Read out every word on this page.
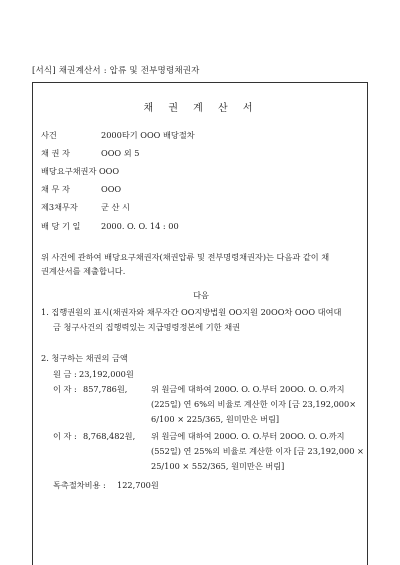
[서식] 채권계산서 : 압류 및 전부명령채권자
채 권 계 산 서
사건	2000타기 OOO 배당절차
채 권 자	OOO 외 5
배당요구채권자 OOO
채 무 자	OOO
제3채무자	군 산 시
배 당 기 일	2000. O. O. 14 : 00
위 사건에 관하여 배당요구채권자(채권압류 및 전부명령채권자)는 다음과 같이 채
권계산서를 제출합니다.
다음
1. 집행권원의 표시(채권자와 채무자간 OO지방법원 OO지원 20OO차 OOO 대여대
금 청구사건의 집행력있는 지급명령정본에 기한 채권
2. 청구하는 채권의 금액
원 금 : 23,192,000원
이 자 : 857,786원,	위 원금에 대하여 200O. O. O.부터 20OO. O. O.까지
(225일) 연 6%의 비율로 계산한 이자 [금 23,192,000×
6/100 × 225/365, 원미만은 버림]
이 자 : 8,768,482원, 위 원금에 대하여 200O. O. O.부터 20OO. O. O.까지
(552일) 연 25%의 비율로 계산한 이자 [금 23,192,000 ×
25/100 × 552/365, 원미만은 버림]
독촉절차비용 : 122,700원
